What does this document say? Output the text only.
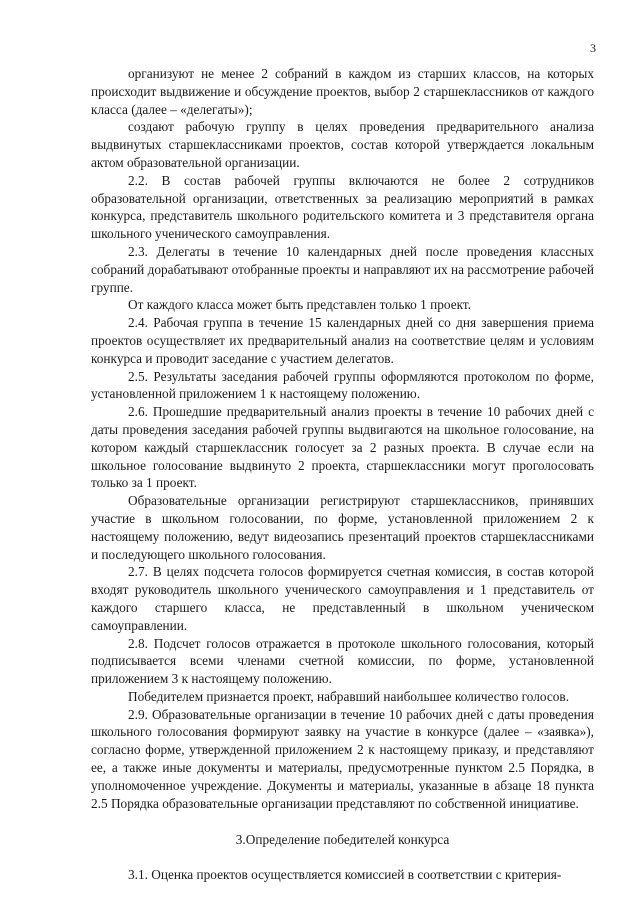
3

организуют не менее 2 собраний в каждом из старших классов, на которых происходит выдвижение и обсуждение проектов, выбор 2 старшеклассников от каждого класса (далее – «делегаты»);

создают рабочую группу в целях проведения предварительного анализа выдвинутых старшеклассниками проектов, состав которой утверждается локальным актом образовательной организации.

2.2. В состав рабочей группы включаются не более 2 сотрудников образовательной организации, ответственных за реализацию мероприятий в рамках конкурса, представитель школьного родительского комитета и 3 представителя органа школьного ученического самоуправления.

2.3. Делегаты в течение 10 календарных дней после проведения классных собраний дорабатывают отобранные проекты и направляют их на рассмотрение рабочей группе.

От каждого класса может быть представлен только 1 проект.

2.4. Рабочая группа в течение 15 календарных дней со дня завершения приема проектов осуществляет их предварительный анализ на соответствие целям и условиям конкурса и проводит заседание с участием делегатов.

2.5. Результаты заседания рабочей группы оформляются протоколом по форме, установленной приложением 1 к настоящему положению.

2.6. Прошедшие предварительный анализ проекты в течение 10 рабочих дней с даты проведения заседания рабочей группы выдвигаются на школьное голосование, на котором каждый старшеклассник голосует за 2 разных проекта. В случае если на школьное голосование выдвинуто 2 проекта, старшеклассники могут проголосовать только за 1 проект.

Образовательные организации регистрируют старшеклассников, принявших участие в школьном голосовании, по форме, установленной приложением 2 к настоящему положению, ведут видеозапись презентаций проектов старшеклассниками и последующего школьного голосования.

2.7. В целях подсчета голосов формируется счетная комиссия, в состав которой входят руководитель школьного ученического самоуправления и 1 представитель от каждого старшего класса, не представленный в школьном ученическом самоуправлении.

2.8. Подсчет голосов отражается в протоколе школьного голосования, который подписывается всеми членами счетной комиссии, по форме, установленной приложением 3 к настоящему положению.

Победителем признается проект, набравший наибольшее количество голосов.

2.9. Образовательные организации в течение 10 рабочих дней с даты проведения школьного голосования формируют заявку на участие в конкурсе (далее – «заявка»), согласно форме, утвержденной приложением 2 к настоящему приказу, и представляют ее, а также иные документы и материалы, предусмотренные пунктом 2.5 Порядка, в уполномоченное учреждение. Документы и материалы, указанные в абзаце 18 пункта 2.5 Порядка образовательные организации представляют по собственной инициативе.

3.Определение победителей конкурса

3.1. Оценка проектов осуществляется комиссией в соответствии с критерия-
